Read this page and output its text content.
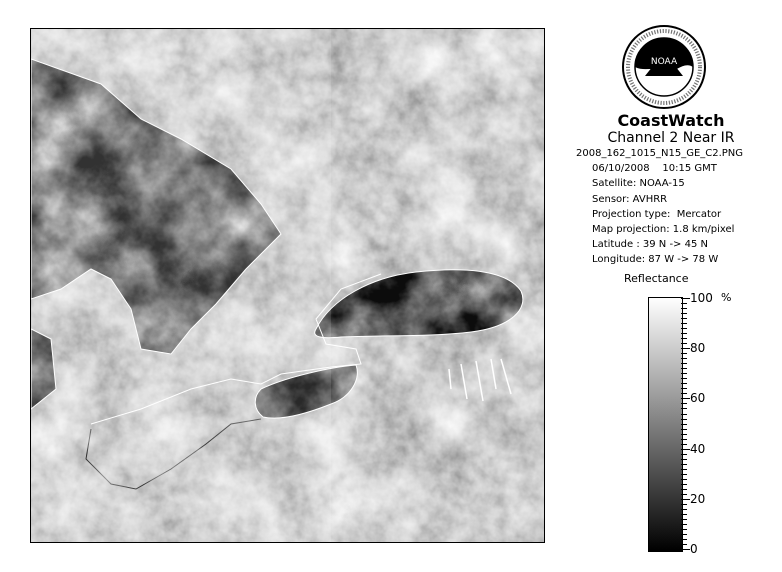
NOAA
CoastWatch
Channel 2 Near IR
2008_162_1015_N15_GE_C2.PNG
06/10/2008 10:15 GMT
Satellite: NOAA-15
Sensor: AVHRR
Projection type:  Mercator
Map projection: 1.8 km/pixel
Latitude : 39 N -> 45 N
Longitude: 87 W -> 78 W
Reflectance
%
100
80
60
40
20
0
